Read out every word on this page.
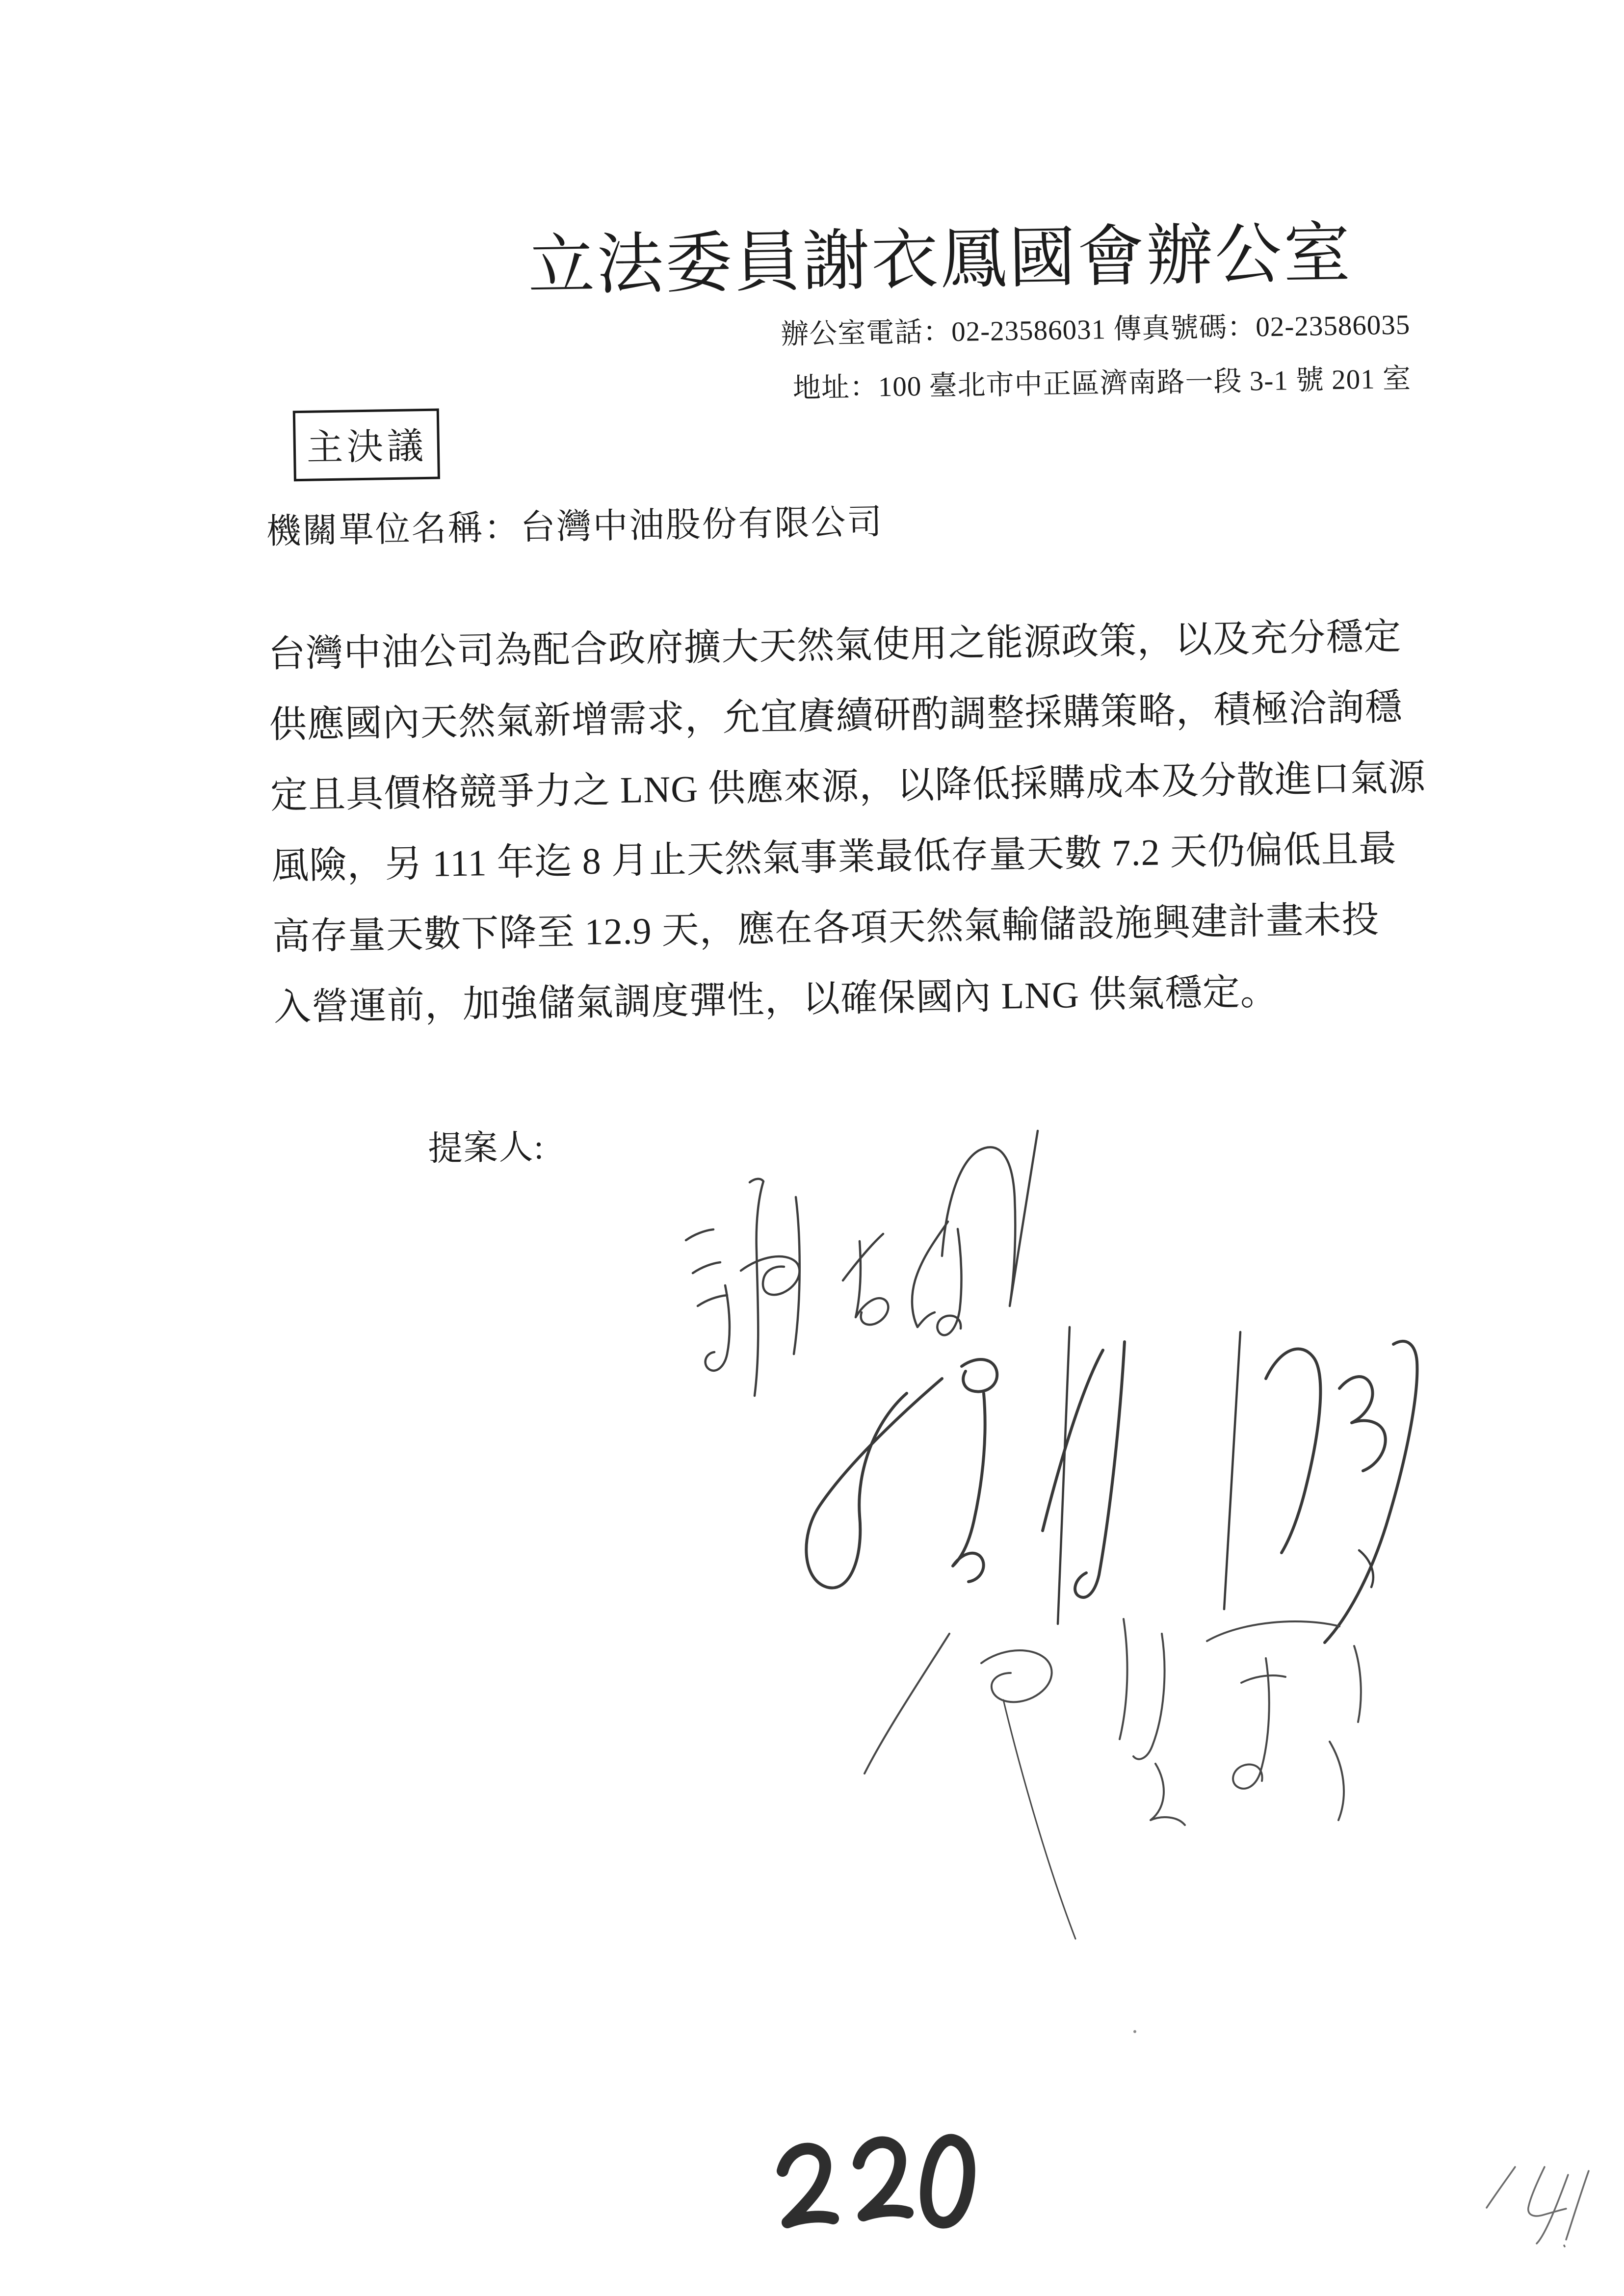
立法委員謝衣鳳國會辦公室
辦公室電話：02-23586031 傳真號碼：02-23586035
地址：100 臺北市中正區濟南路一段 3-1 號 201 室
主決議
機關單位名稱：台灣中油股份有限公司
台灣中油公司為配合政府擴大天然氣使用之能源政策，以及充分穩定
供應國內天然氣新增需求，允宜賡續研酌調整採購策略，積極洽詢穩
定且具價格競爭力之 LNG 供應來源，以降低採購成本及分散進口氣源
風險，另 111 年迄 8 月止天然氣事業最低存量天數 7.2 天仍偏低且最
高存量天數下降至 12.9 天，應在各項天然氣輸儲設施興建計畫未投
入營運前，加強儲氣調度彈性，以確保國內 LNG 供氣穩定。
提案人:
